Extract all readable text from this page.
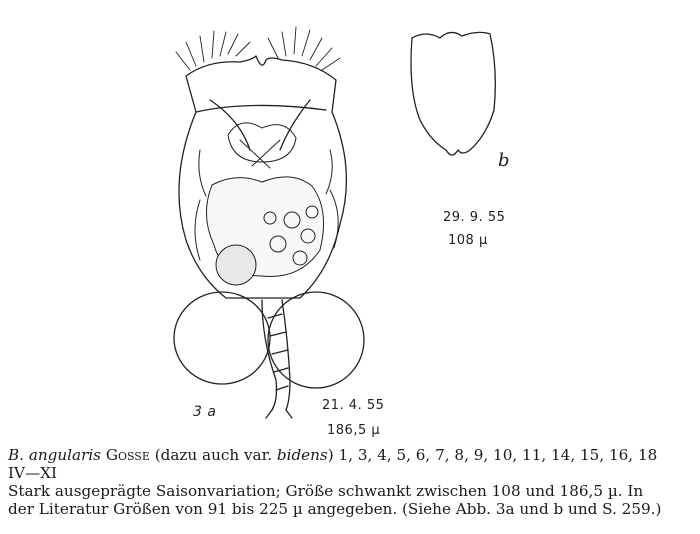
3 a	21. 4. 55
186,5 µ
b
29. 9. 55
108 µ

B. angularis Gosse (dazu auch var. bidens) 1, 3, 4, 5, 6, 7, 8, 9, 10, 11, 14, 15, 16, 18

IV—XI

Stark ausgeprägte Saisonvariation; Größe schwankt zwischen 108 und 186,5 µ. In

der Literatur Größen von 91 bis 225 µ angegeben. (Siehe Abb. 3a und b und S. 259.)
